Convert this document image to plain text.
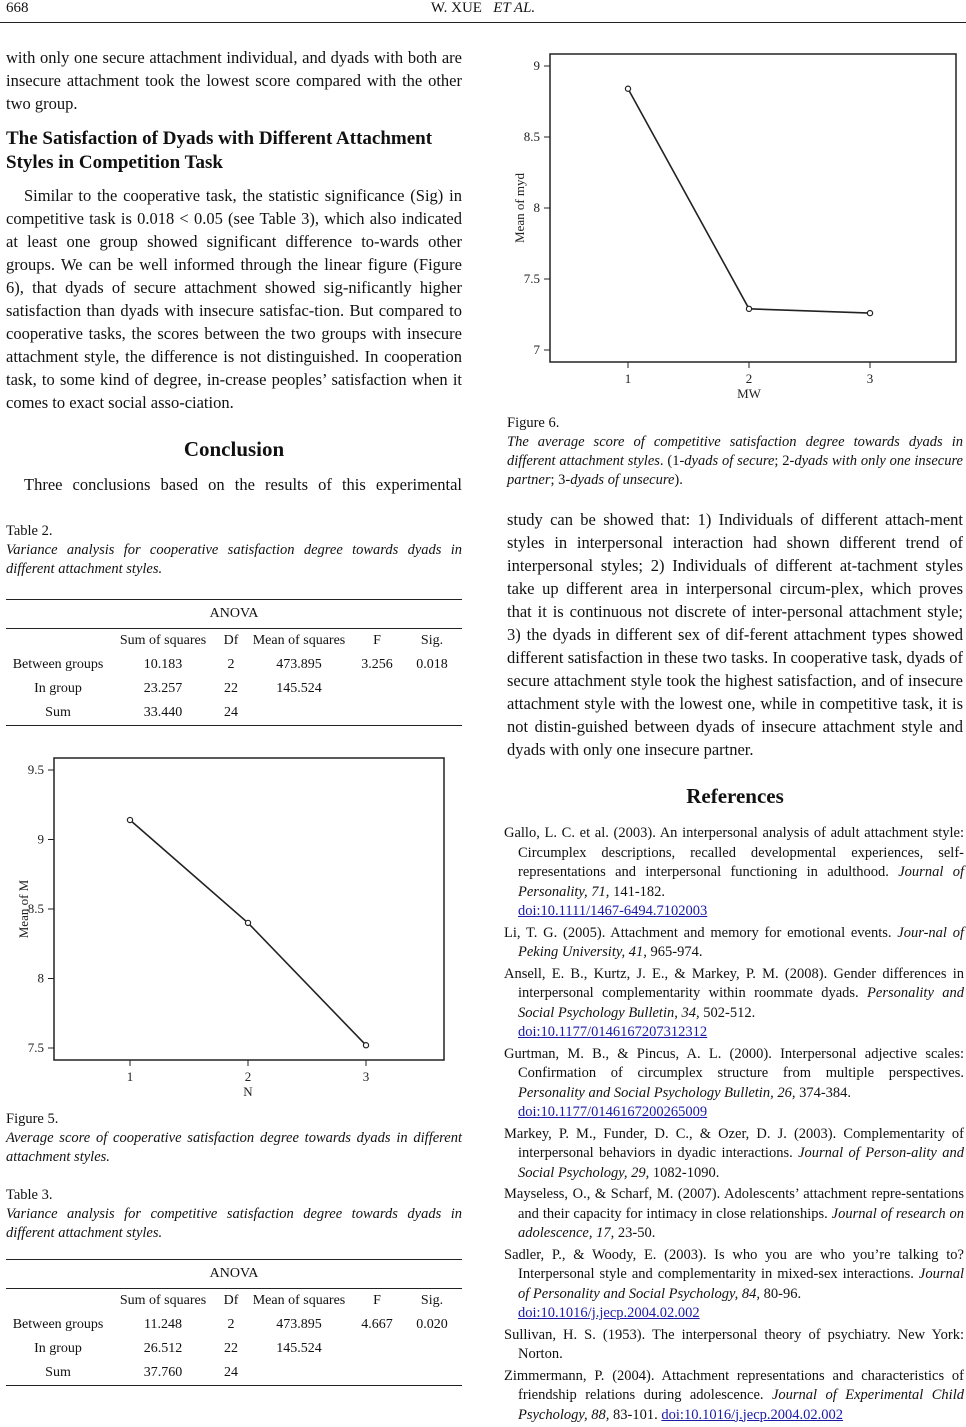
668	W. XUE ET AL.

with only one secure attachment individual, and dyads with both are insecure attachment took the lowest score compared with the other two group.

The Satisfaction of Dyads with Different Attachment Styles in Competition Task

Similar to the cooperative task, the statistic significance (Sig) in competitive task is 0.018 < 0.05 (see Table 3), which also indicated at least one group showed significant difference to-wards other groups. We can be well informed through the linear figure (Figure 6), that dyads of secure attachment showed sig-nificantly higher satisfaction than dyads with insecure satisfac-tion. But compared to cooperative tasks, the scores between the two groups with insecure attachment style, the difference is not distinguished. In cooperation task, to some kind of degree, in-crease peoples’ satisfaction when it comes to exact social asso-ciation.

Conclusion

Three conclusions based on the results of this experimental

Table 2.
Variance analysis for cooperative satisfaction degree towards dyads in different attachment styles.
ANOVA					
	Sum of squares	Df	Mean of squares	F	Sig.
Between groups	10.183	2	473.895	3.256	0.018
In group	23.257	22	145.524		
Sum	33.440	24			
7.5
8
8.5
9
9.5
1	2	3
N
Mean of M
Figure 5.
Average score of cooperative satisfaction degree towards dyads in different attachment styles.
Table 3.
Variance analysis for competitive satisfaction degree towards dyads in different attachment styles.
ANOVA					
	Sum of squares	Df	Mean of squares	F	Sig.
Between groups	11.248	2	473.895	4.667	0.020
In group	26.512	22	145.524		
Sum	37.760	24			
7
7.5
8
8.5
9
1	2	3
MW
Mean of myd
Figure 6.
The average score of competitive satisfaction degree towards dyads in different attachment styles. (1-dyads of secure; 2-dyads with only one insecure partner; 3-dyads of unsecure).

study can be showed that: 1) Individuals of different attach-ment styles in interpersonal interaction had shown different trend of interpersonal styles; 2) Individuals of different at-tachment styles take up different area in interpersonal circum-plex, which proves that it is continuous not discrete of inter-personal attachment style; 3) the dyads in different sex of dif-ferent attachment types showed different satisfaction in these two tasks. In cooperative task, dyads of secure attachment style took the highest satisfaction, and of insecure attachment style with the lowest one, while in competitive task, it is not distin-guished between dyads of insecure attachment style and dyads with only one insecure partner.

References

Gallo, L. C. et al. (2003). An interpersonal analysis of adult attachment style: Circumplex descriptions, recalled developmental experiences, self-representations and interpersonal functioning in adulthood. Journal of Personality, 71, 141-182.
doi:10.1111/1467-6494.7102003

Li, T. G. (2005). Attachment and memory for emotional events. Jour-nal of Peking University, 41, 965-974.

Ansell, E. B., Kurtz, J. E., & Markey, P. M. (2008). Gender differences in interpersonal complementarity within roommate dyads. Personality and Social Psychology Bulletin, 34, 502-512.
doi:10.1177/0146167207312312

Gurtman, M. B., & Pincus, A. L. (2000). Interpersonal adjective scales: Confirmation of circumplex structure from multiple perspectives. Personality and Social Psychology Bulletin, 26, 374-384.
doi:10.1177/0146167200265009

Markey, P. M., Funder, D. C., & Ozer, D. J. (2003). Complementarity of interpersonal behaviors in dyadic interactions. Journal of Person-ality and Social Psychology, 29, 1082-1090.

Mayseless, O., & Scharf, M. (2007). Adolescents’ attachment repre-sentations and their capacity for intimacy in close relationships. Journal of research on adolescence, 17, 23-50.

Sadler, P., & Woody, E. (2003). Is who you are who you’re talking to? Interpersonal style and complementarity in mixed-sex interactions. Journal of Personality and Social Psychology, 84, 80-96.
doi:10.1016/j.jecp.2004.02.002

Sullivan, H. S. (1953). The interpersonal theory of psychiatry. New York: Norton.

Zimmermann, P. (2004). Attachment representations and characteristics of friendship relations during adolescence. Journal of Experimental Child Psychology, 88, 83-101. doi:10.1016/j.jecp.2004.02.002
